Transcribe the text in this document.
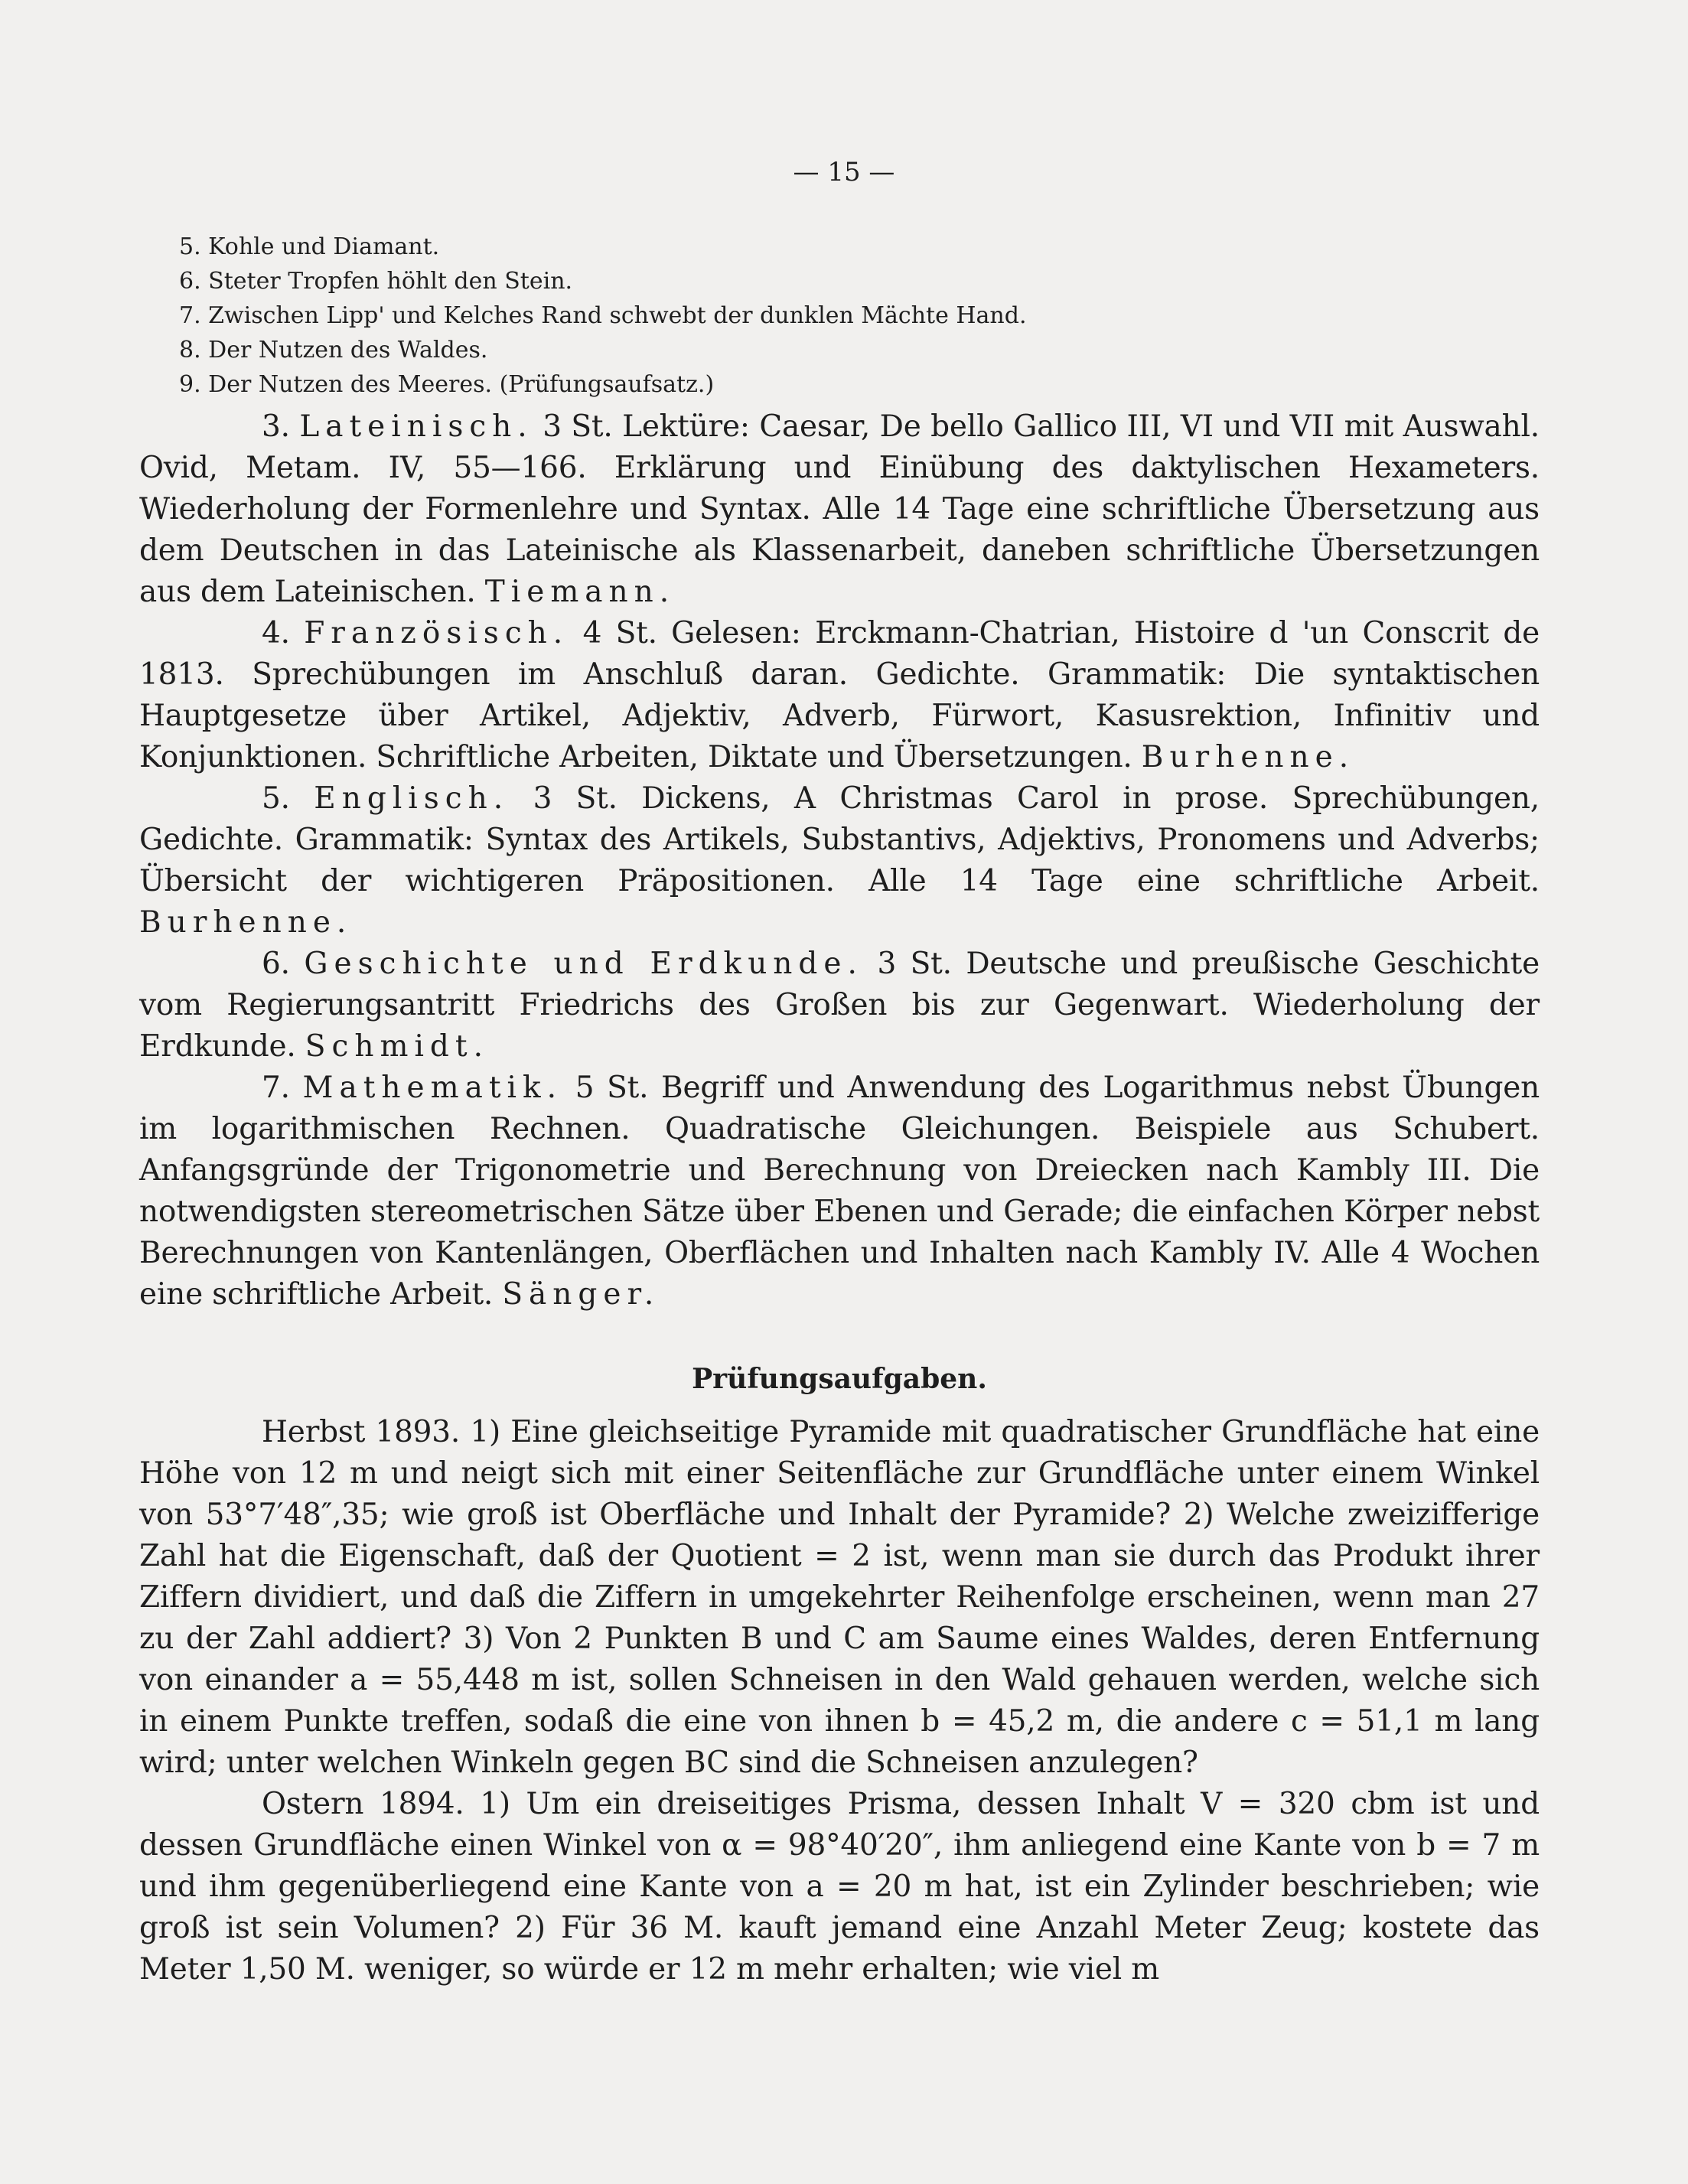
— 15 —
5. Kohle und Diamant.
6. Steter Tropfen höhlt den Stein.
7. Zwischen Lipp' und Kelches Rand schwebt der dunklen Mächte Hand.
8. Der Nutzen des Waldes.
9. Der Nutzen des Meeres. (Prüfungsaufsatz.)

3. Lateinisch. 3 St. Lektüre: Caesar, De bello Gallico III, VI und VII mit Auswahl. Ovid, Metam. IV, 55—166. Erklärung und Einübung des daktylischen Hexameters. Wiederholung der Formenlehre und Syntax. Alle 14 Tage eine schriftliche Übersetzung aus dem Deutschen in das Lateinische als Klassenarbeit, daneben schriftliche Übersetzungen aus dem Lateinischen. Tiemann.

4. Französisch. 4 St. Gelesen: Erckmann-Chatrian, Histoire d 'un Conscrit de 1813. Sprechübungen im Anschluß daran. Gedichte. Grammatik: Die syntaktischen Hauptgesetze über Artikel, Adjektiv, Adverb, Fürwort, Kasusrektion, Infinitiv und Konjunktionen. Schriftliche Arbeiten, Diktate und Übersetzungen. Burhenne.

5. Englisch. 3 St. Dickens, A Christmas Carol in prose. Sprechübungen, Gedichte. Grammatik: Syntax des Artikels, Substantivs, Adjektivs, Pronomens und Adverbs; Übersicht der wichtigeren Präpositionen. Alle 14 Tage eine schriftliche Arbeit. Burhenne.

6. Geschichte und Erdkunde. 3 St. Deutsche und preußische Geschichte vom Regierungsantritt Friedrichs des Großen bis zur Gegenwart. Wiederholung der Erdkunde. Schmidt.

7. Mathematik. 5 St. Begriff und Anwendung des Logarithmus nebst Übungen im logarithmischen Rechnen. Quadratische Gleichungen. Beispiele aus Schubert. Anfangsgründe der Trigonometrie und Berechnung von Dreiecken nach Kambly III. Die notwendigsten stereometrischen Sätze über Ebenen und Gerade; die einfachen Körper nebst Berechnungen von Kantenlängen, Oberflächen und Inhalten nach Kambly IV. Alle 4 Wochen eine schriftliche Arbeit. Sänger.

Prüfungsaufgaben.

Herbst 1893. 1) Eine gleichseitige Pyramide mit quadratischer Grundfläche hat eine Höhe von 12 m und neigt sich mit einer Seitenfläche zur Grundfläche unter einem Winkel von 53°7′48″,35; wie groß ist Oberfläche und Inhalt der Pyramide? 2) Welche zweizifferige Zahl hat die Eigenschaft, daß der Quotient = 2 ist, wenn man sie durch das Produkt ihrer Ziffern dividiert, und daß die Ziffern in umgekehrter Reihenfolge erscheinen, wenn man 27 zu der Zahl addiert? 3) Von 2 Punkten B und C am Saume eines Waldes, deren Entfernung von einander a = 55,448 m ist, sollen Schneisen in den Wald gehauen werden, welche sich in einem Punkte treffen, sodaß die eine von ihnen b = 45,2 m, die andere c = 51,1 m lang wird; unter welchen Winkeln gegen BC sind die Schneisen anzulegen?

Ostern 1894. 1) Um ein dreiseitiges Prisma, dessen Inhalt V = 320 cbm ist und dessen Grundfläche einen Winkel von α = 98°40′20″, ihm anliegend eine Kante von b = 7 m und ihm gegenüberliegend eine Kante von a = 20 m hat, ist ein Zylinder beschrieben; wie groß ist sein Volumen? 2) Für 36 M. kauft jemand eine Anzahl Meter Zeug; kostete das Meter 1,50 M. weniger, so würde er 12 m mehr erhalten; wie viel m
